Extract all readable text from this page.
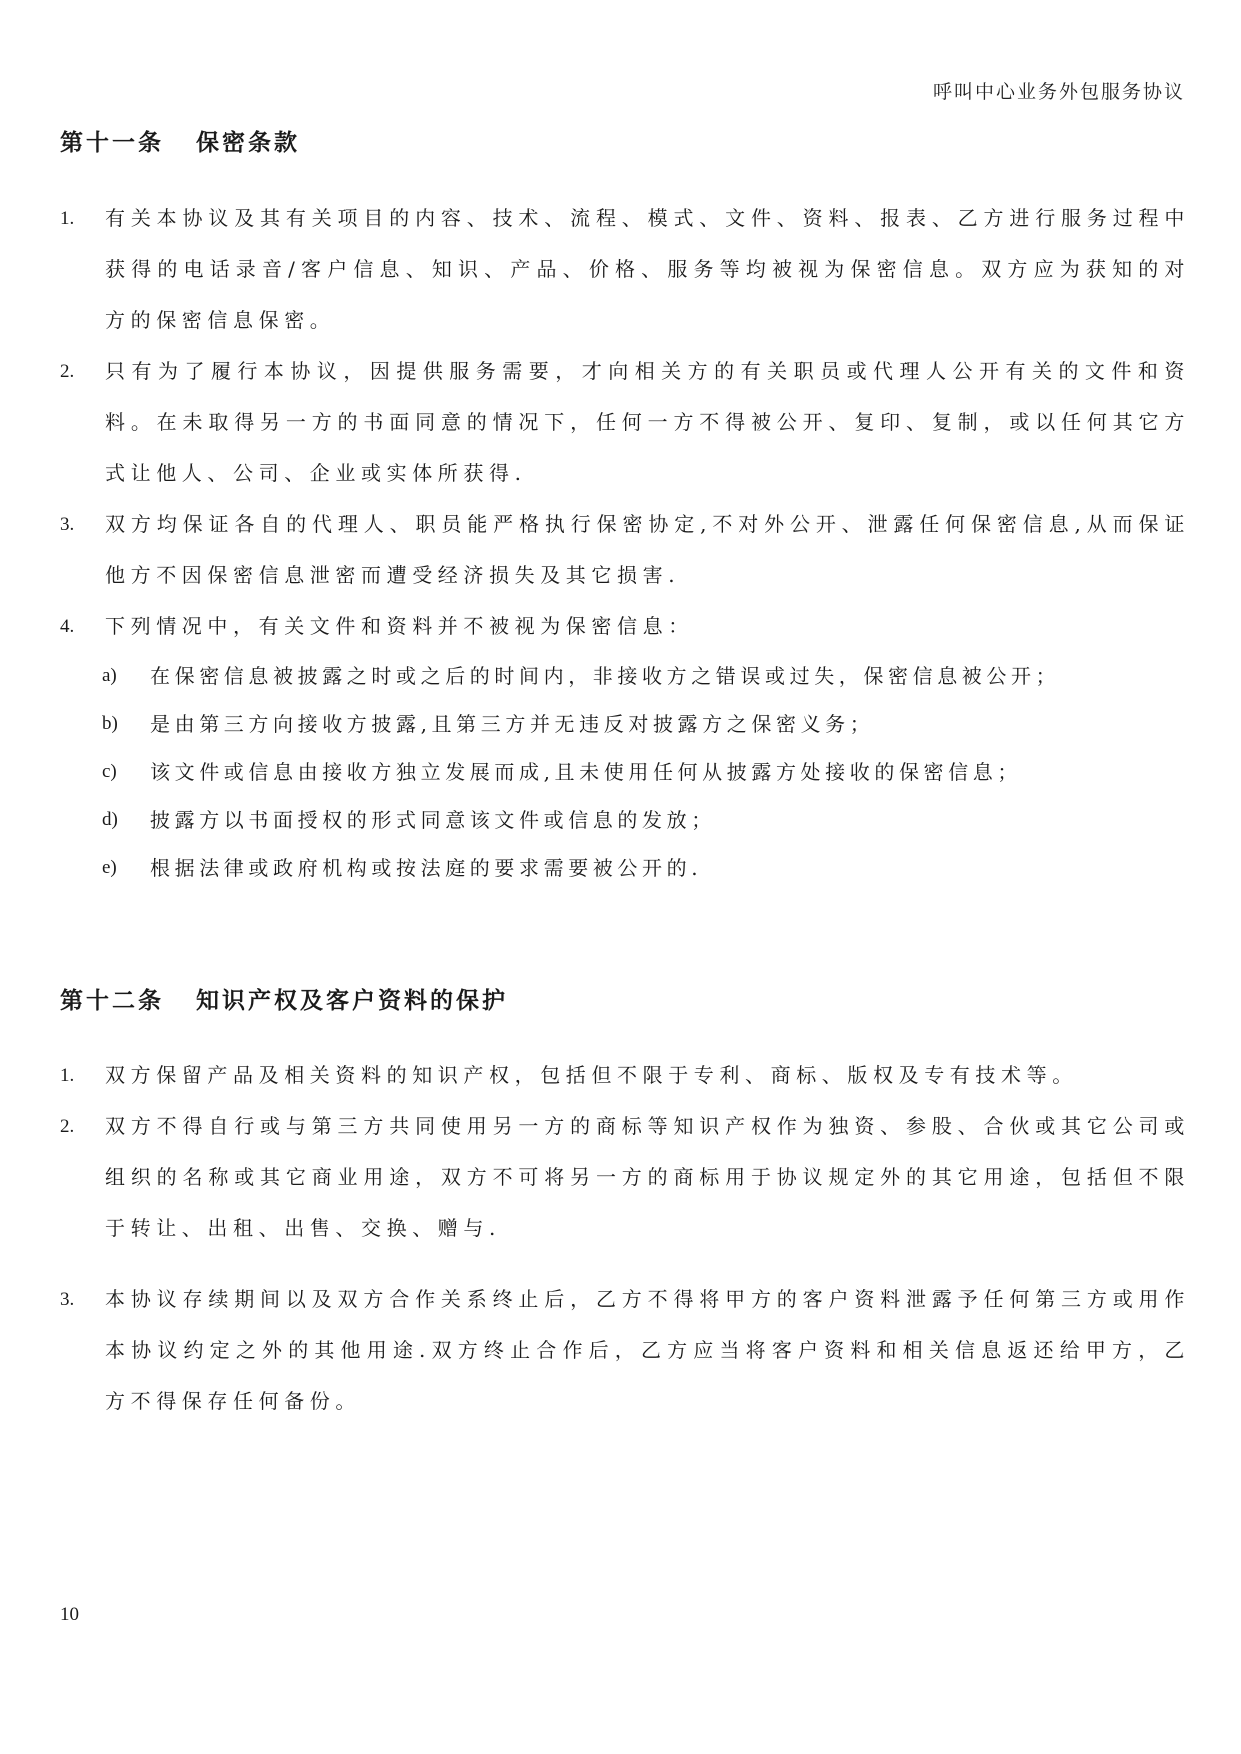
呼叫中心业务外包服务协议
第十一条 保密条款
1. 有关本协议及其有关项目的内容、技术、流程、模式、文件、资料、报表、乙方进行服务过程中获得的电话录音/客户信息、知识、产品、价格、服务等均被视为保密信息。双方应为获知的对方的保密信息保密。
2. 只有为了履行本协议，因提供服务需要，才向相关方的有关职员或代理人公开有关的文件和资料。在未取得另一方的书面同意的情况下，任何一方不得被公开、复印、复制，或以任何其它方式让他人、公司、企业或实体所获得.
3. 双方均保证各自的代理人、职员能严格执行保密协定,不对外公开、泄露任何保密信息,从而保证他方不因保密信息泄密而遭受经济损失及其它损害.
4. 下列情况中，有关文件和资料并不被视为保密信息：
a) 在保密信息被披露之时或之后的时间内，非接收方之错误或过失，保密信息被公开；
b) 是由第三方向接收方披露,且第三方并无违反对披露方之保密义务；
c) 该文件或信息由接收方独立发展而成,且未使用任何从披露方处接收的保密信息；
d) 披露方以书面授权的形式同意该文件或信息的发放；
e) 根据法律或政府机构或按法庭的要求需要被公开的.
第十二条 知识产权及客户资料的保护
1. 双方保留产品及相关资料的知识产权，包括但不限于专利、商标、版权及专有技术等。
2. 双方不得自行或与第三方共同使用另一方的商标等知识产权作为独资、参股、合伙或其它公司或组织的名称或其它商业用途，双方不可将另一方的商标用于协议规定外的其它用途，包括但不限于转让、出租、出售、交换、赠与.
3. 本协议存续期间以及双方合作关系终止后，乙方不得将甲方的客户资料泄露予任何第三方或用作本协议约定之外的其他用途.双方终止合作后，乙方应当将客户资料和相关信息返还给甲方，乙方不得保存任何备份。
10
